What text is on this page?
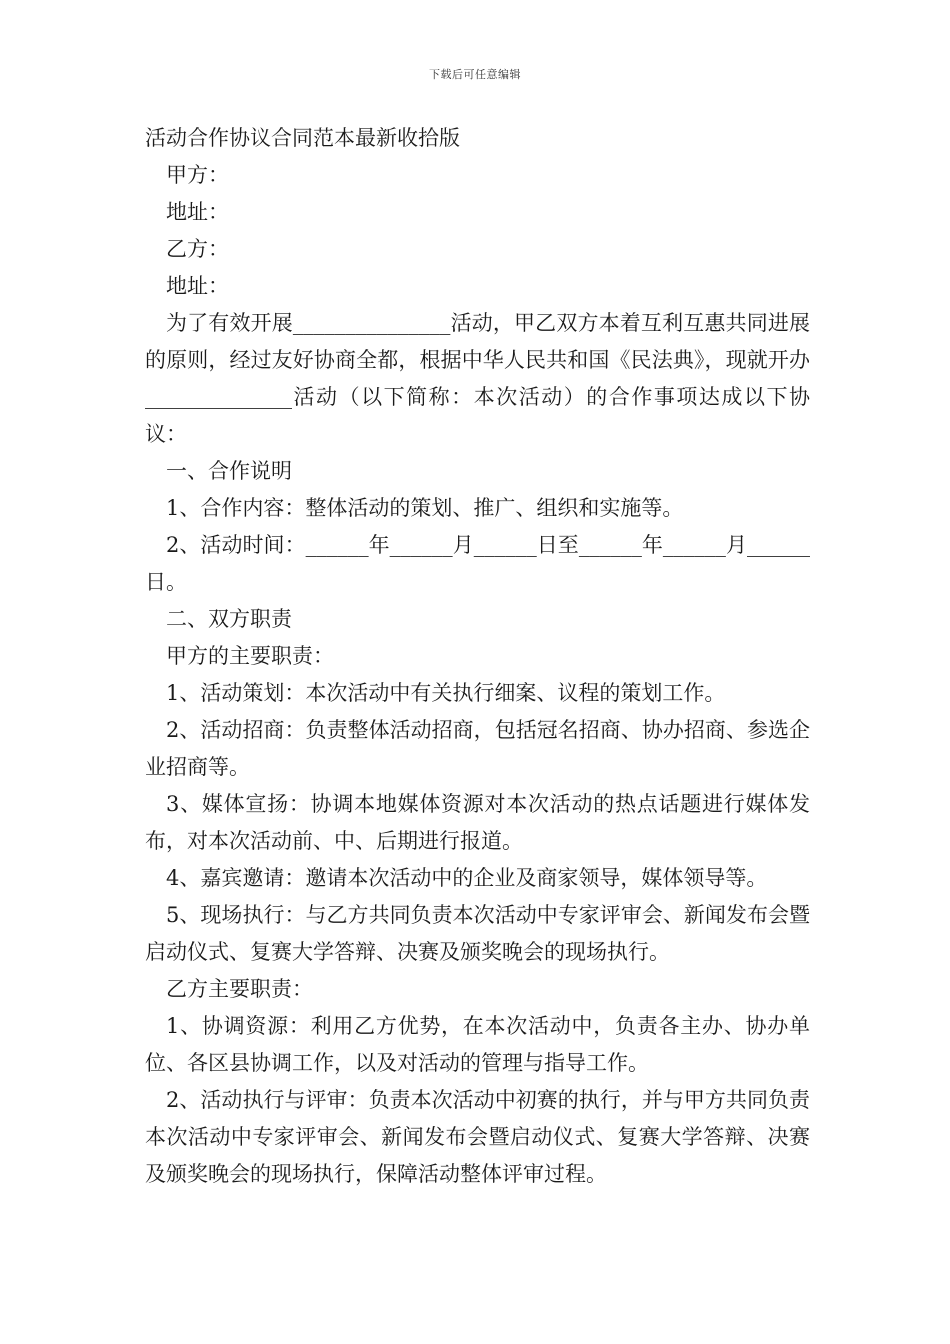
下载后可任意编辑
活动合作协议合同范本最新收拾版

甲方：

地址：

乙方：

地址：

为了有效开展_______________活动，甲乙双方本着互利互惠共同进展的原则，经过友好协商全都，根据中华人民共和国《民法典》，现就开办______________活动（以下简称：本次活动）的合作事项达成以下协议：

一、合作说明

1、合作内容：整体活动的策划、推广、组织和实施等。

2、活动时间：______年______月______日至______年______月______日。

二、双方职责

甲方的主要职责：

1、活动策划：本次活动中有关执行细案、议程的策划工作。

2、活动招商：负责整体活动招商，包括冠名招商、协办招商、参选企业招商等。

3、媒体宣扬：协调本地媒体资源对本次活动的热点话题进行媒体发布，对本次活动前、中、后期进行报道。

4、嘉宾邀请：邀请本次活动中的企业及商家领导，媒体领导等。

5、现场执行：与乙方共同负责本次活动中专家评审会、新闻发布会暨启动仪式、复赛大学答辩、决赛及颁奖晚会的现场执行。

乙方主要职责：

1、协调资源：利用乙方优势，在本次活动中，负责各主办、协办单位、各区县协调工作，以及对活动的管理与指导工作。

2、活动执行与评审：负责本次活动中初赛的执行，并与甲方共同负责本次活动中专家评审会、新闻发布会暨启动仪式、复赛大学答辩、决赛及颁奖晚会的现场执行，保障活动整体评审过程。
